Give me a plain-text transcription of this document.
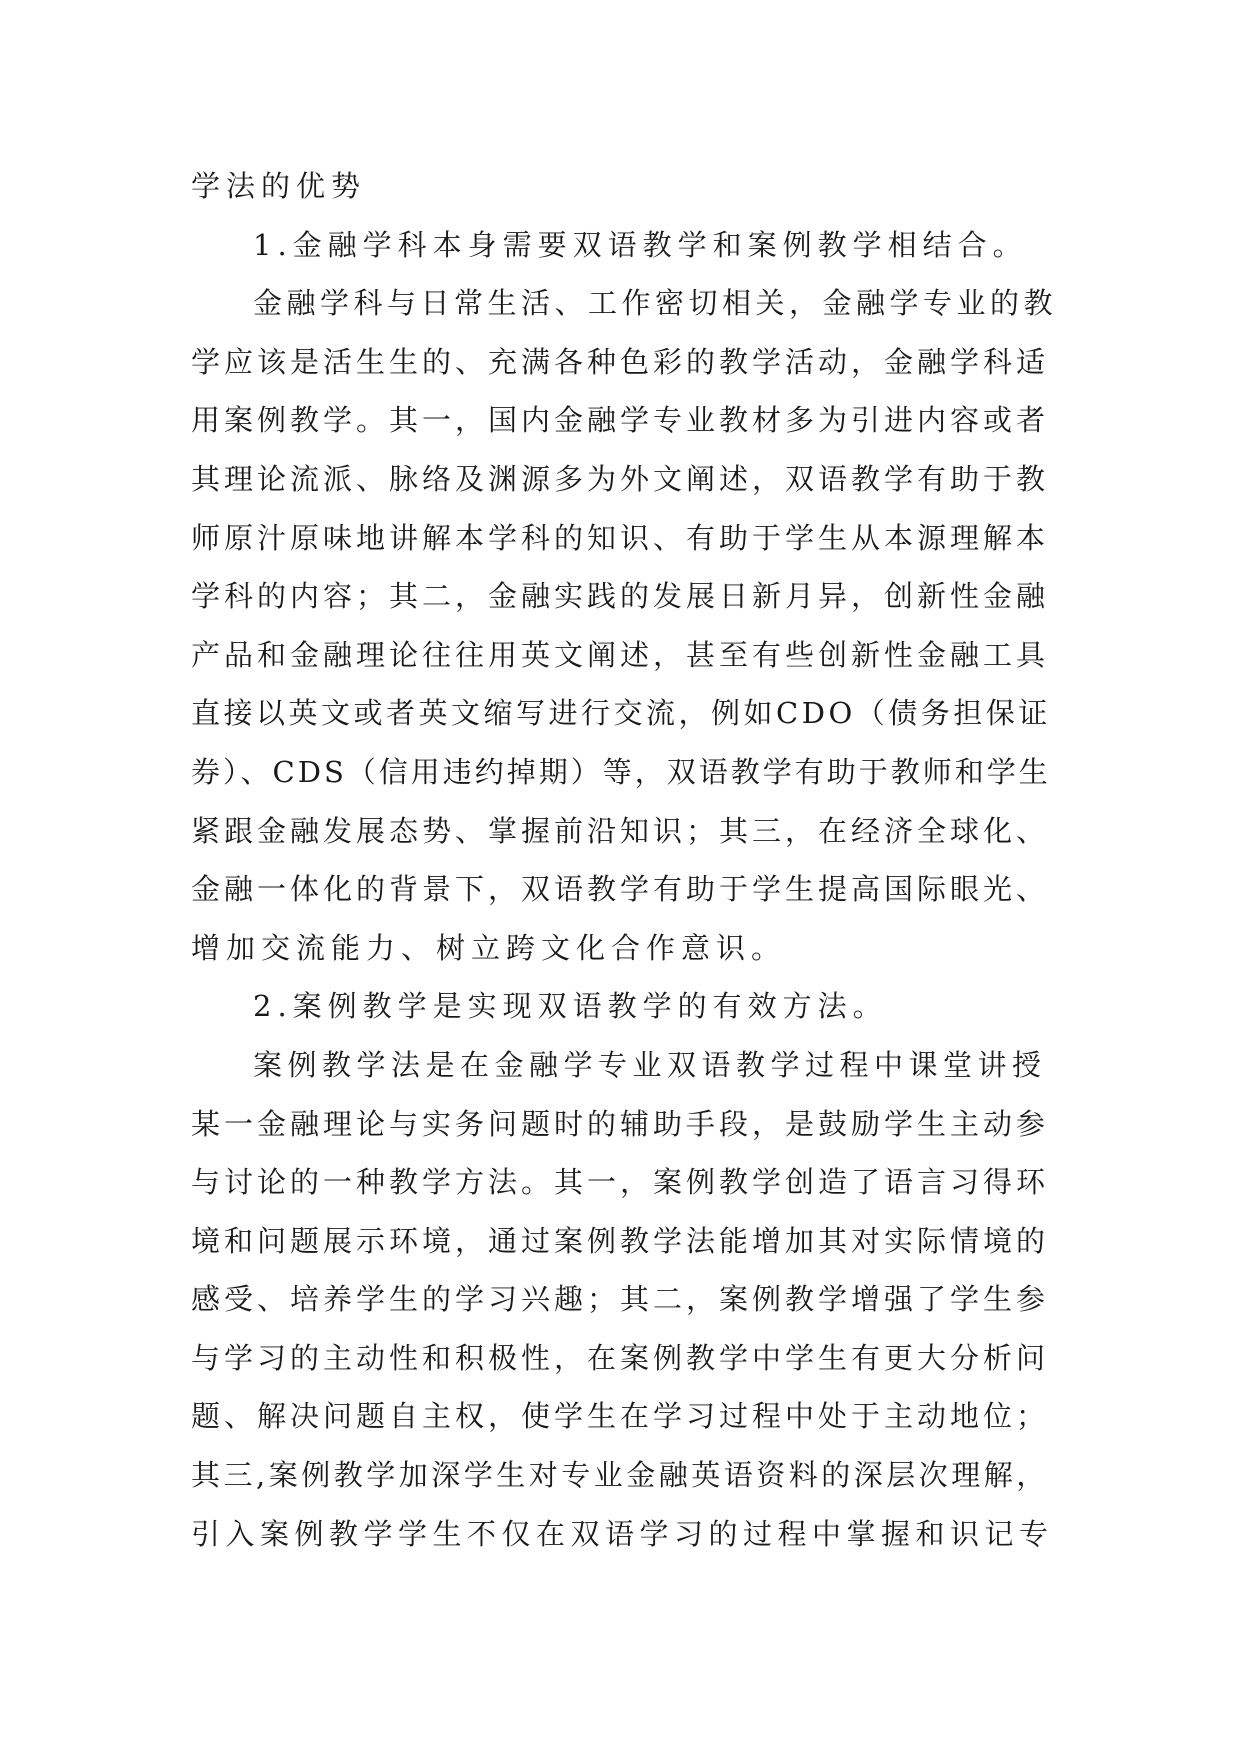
学法的优势
1.金融学科本身需要双语教学和案例教学相结合。
金融学科与日常生活、工作密切相关，金融学专业的教
学应该是活生生的、充满各种色彩的教学活动，金融学科适
用案例教学。其一，国内金融学专业教材多为引进内容或者
其理论流派、脉络及渊源多为外文阐述，双语教学有助于教
师原汁原味地讲解本学科的知识、有助于学生从本源理解本
学科的内容；其二，金融实践的发展日新月异，创新性金融
产品和金融理论往往用英文阐述，甚至有些创新性金融工具
直接以英文或者英文缩写进行交流，例如CDO（债务担保证
券）、CDS（信用违约掉期）等，双语教学有助于教师和学生
紧跟金融发展态势、掌握前沿知识；其三，在经济全球化、
金融一体化的背景下，双语教学有助于学生提高国际眼光、
增加交流能力、树立跨文化合作意识。
2.案例教学是实现双语教学的有效方法。
案例教学法是在金融学专业双语教学过程中课堂讲授
某一金融理论与实务问题时的辅助手段，是鼓励学生主动参
与讨论的一种教学方法。其一，案例教学创造了语言习得环
境和问题展示环境，通过案例教学法能增加其对实际情境的
感受、培养学生的学习兴趣；其二，案例教学增强了学生参
与学习的主动性和积极性，在案例教学中学生有更大分析问
题、解决问题自主权，使学生在学习过程中处于主动地位；
其三,案例教学加深学生对专业金融英语资料的深层次理解，
引入案例教学学生不仅在双语学习的过程中掌握和识记专
